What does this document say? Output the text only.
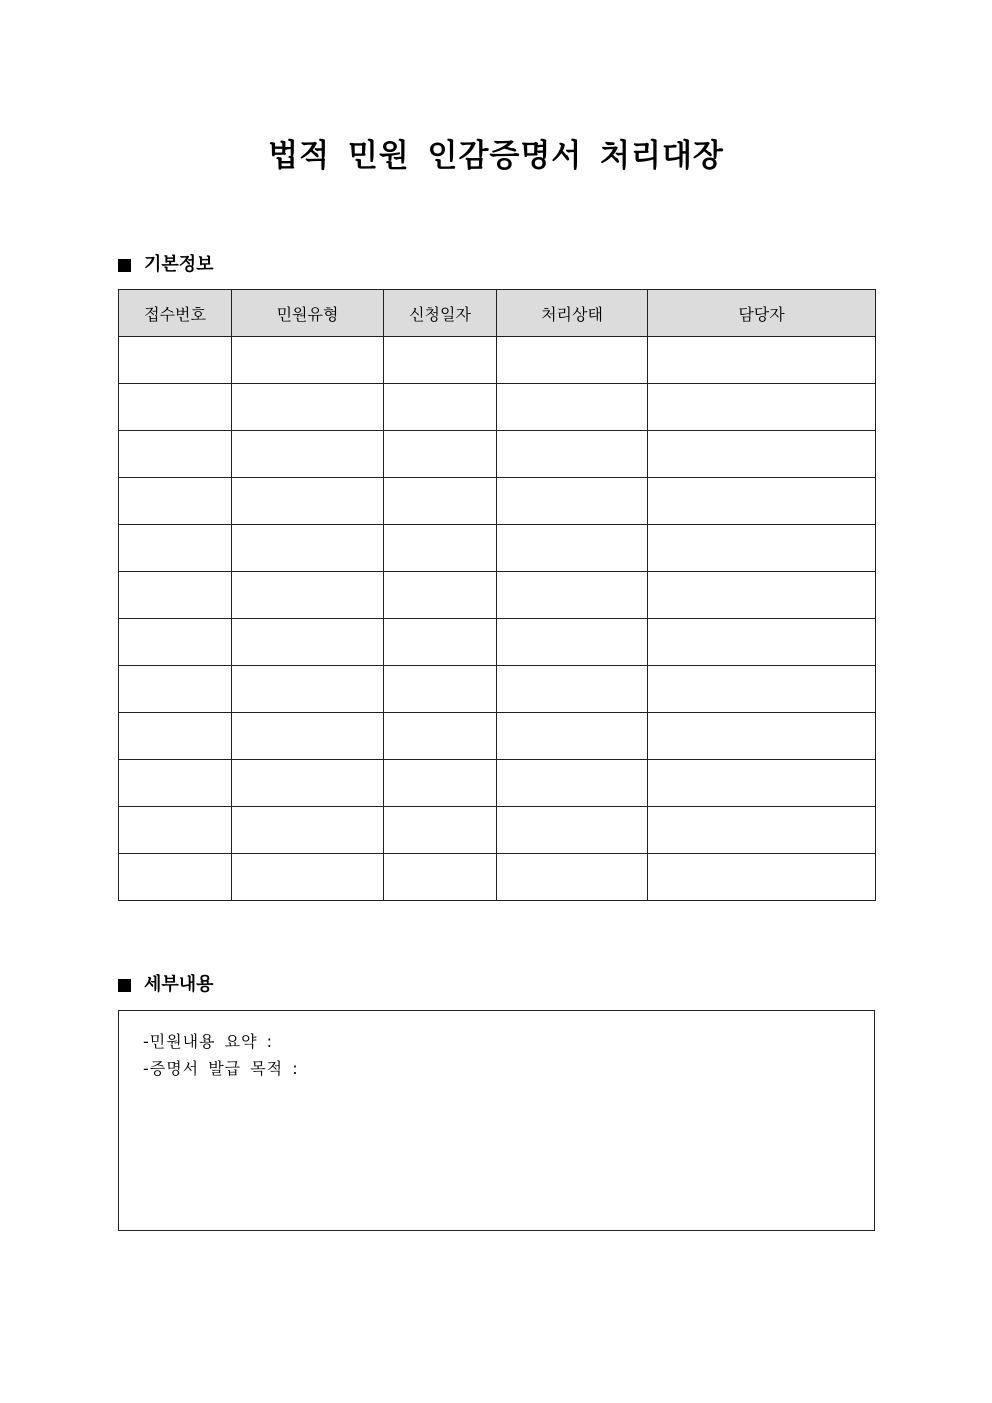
법적 민원 인감증명서 처리대장
기본정보
접수번호	민원유형	신청일자	처리상태	담당자

세부내용
-민원내용 요약 :
-증명서 발급 목적 :
